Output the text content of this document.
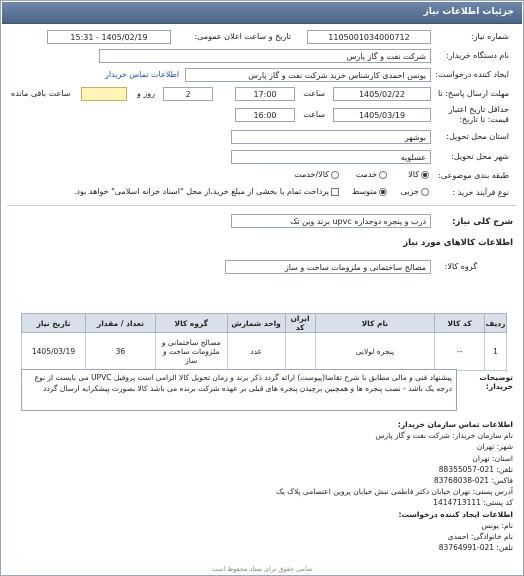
جزئیات اطلاعات نیاز
شماره نیاز:
1105001034000712
تاریخ و ساعت اعلان عمومی:
1405/02/19 - 15:31
نام دستگاه خریدار:
شرکت نفت و گاز پارس
ایجاد کننده درخواست:
یونس احمدی کارشناس خرید شرکت نفت و گاز پارس
اطلاعات تماس خریدار
مهلت ارسال پاسخ: تا
1405/02/22
ساعت
17:00
2
روز و
ساعت باقی مانده
حداقل تاریخ اعتبار
قیمت: تا تاریخ:
1405/03/19
ساعت
16:00
استان محل تحویل:
بوشهر
شهر محل تحویل:
عسلویه
طبقه بندی موضوعی:
کالا
خدمت
کالا/خدمت
نوع فرآیند خرید :
جزیی
متوسط
پرداخت تمام یا بخشی از مبلغ خرید،از محل "اسناد خزانه اسلامی" خواهد بود.
شرح کلی نیاز:
درب و پنجره دوجداره upvc برند وین تک
اطلاعات کالاهای مورد نیاز
گروه کالا:
مصالح ساختمانی و ملزومات ساخت و ساز
ردیف	کد کالا	نام کالا	ایران کد	واحد شمارش	گروه کالا	تعداد / مقدار	تاریخ نیاز
1	--	پنجره لولایی		عدد	مصالح ساختمانی و ملزومات ساخت و ساز	36	1405/03/19
توضیحات خریدار:
پیشنهاد فنی و مالی مطابق با شرح تقاضا(پیوست) ارائه گردد ذکر برند و زمان تحویل کالا الزامی است پروفیل UPVC می بایست از نوع درجه یک باشد - نصب پنجره ها و همچنین برچیدن پنجره های قبلی بر عهده شرکت برنده می باشد کالا بصورت پیشکرایه ارسال گردد
اطلاعات تماس سازمان خریدار:
نام سازمان خریدار: شرکت نفت و گاز پارس
شهر: تهران
استان: تهران
تلفن: 021-88355057
فاکس: 021-83768038
آدرس پستی: تهران خیابان دکتر فاطمی نبش خیابان پروین اعتصامی پلاک یک
کد پستی: 1414713111
اطلاعات ایجاد کننده درخواست:
نام: یونس
نام خانوادگی: احمدی
تلفن: 021-83764991
تمامی حقوق برای ستاد محفوظ است
